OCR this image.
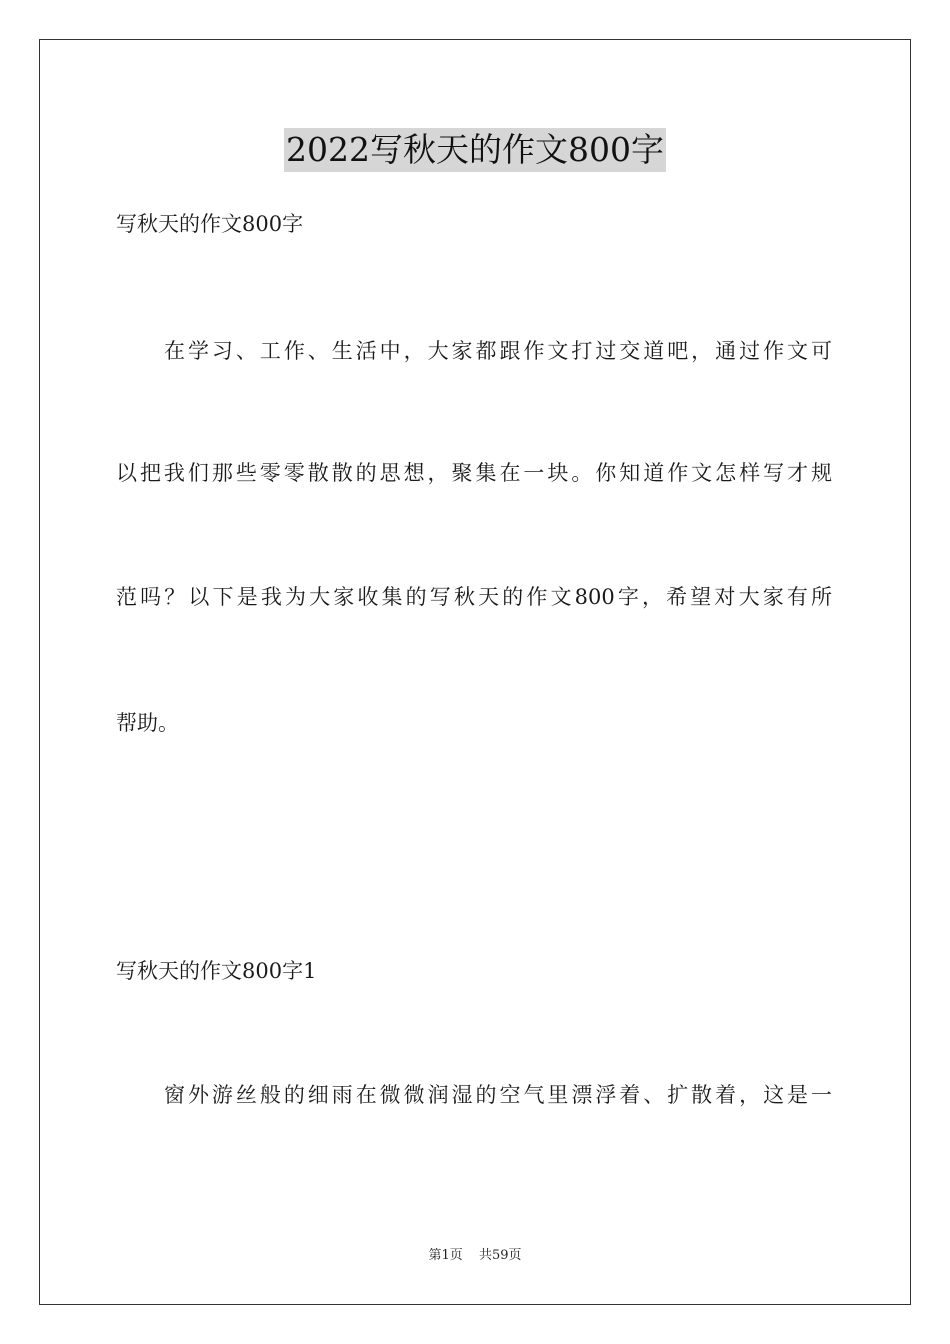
2022写秋天的作文800字
写秋天的作文800字
在学习、工作、生活中，大家都跟作文打过交道吧，通过作文可
以把我们那些零零散散的思想，聚集在一块。你知道作文怎样写才规
范吗？以下是我为大家收集的写秋天的作文800字，希望对大家有所
帮助。
写秋天的作文800字1
窗外游丝般的细雨在微微润湿的空气里漂浮着、扩散着，这是一
第1页 共59页
